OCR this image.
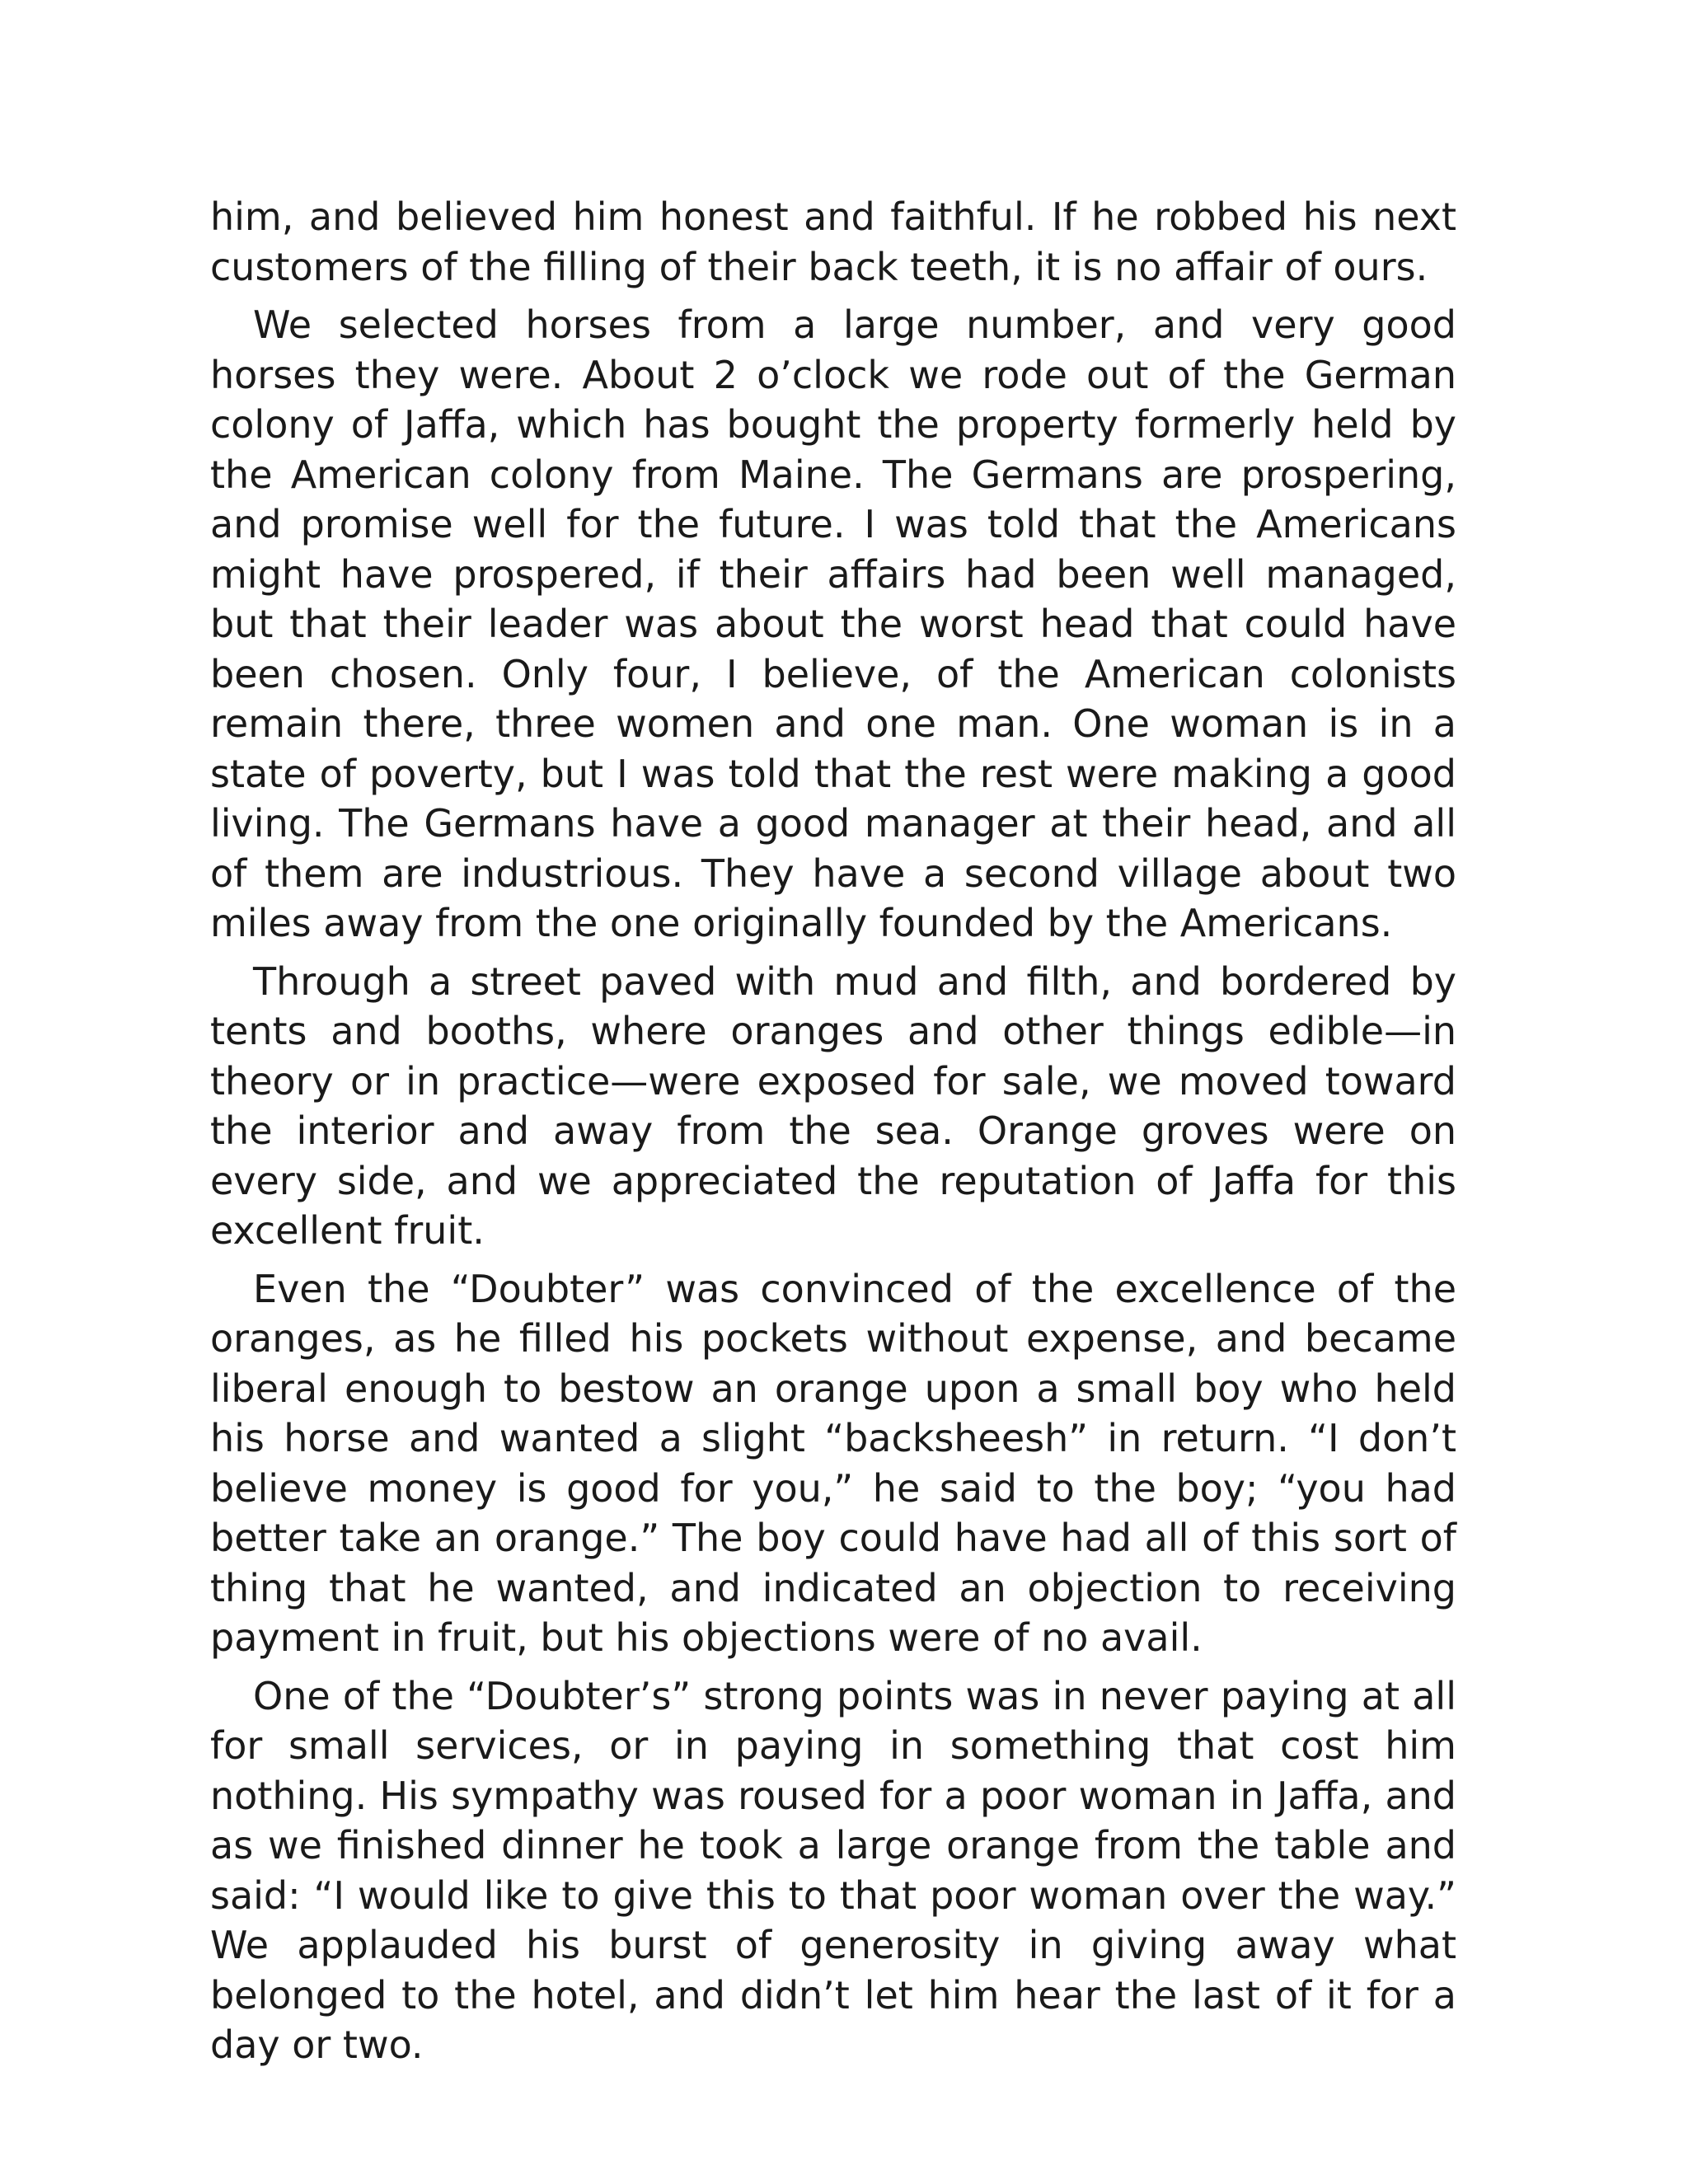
him, and believed him honest and faithful. If he robbed his next customers of the filling of their back teeth, it is no affair of ours.

We selected horses from a large number, and very good horses they were. About 2 o’clock we rode out of the German colony of Jaffa, which has bought the property formerly held by the American colony from Maine. The Germans are prospering, and promise well for the future. I was told that the Americans might have prospered, if their affairs had been well managed, but that their leader was about the worst head that could have been chosen. Only four, I believe, of the American colonists remain there, three women and one man. One woman is in a state of poverty, but I was told that the rest were making a good living. The Germans have a good manager at their head, and all of them are industrious. They have a second village about two miles away from the one originally founded by the Americans.

Through a street paved with mud and filth, and bordered by tents and booths, where oranges and other things edible—in theory or in practice—were exposed for sale, we moved toward the interior and away from the sea. Orange groves were on every side, and we appreciated the reputation of Jaffa for this excellent fruit.

Even the “Doubter” was convinced of the excellence of the oranges, as he filled his pockets without expense, and became liberal enough to bestow an orange upon a small boy who held his horse and wanted a slight “backsheesh” in return. “I don’t believe money is good for you,” he said to the boy; “you had better take an orange.” The boy could have had all of this sort of thing that he wanted, and indicated an objection to receiving payment in fruit, but his objections were of no avail.

One of the “Doubter’s” strong points was in never paying at all for small services, or in paying in something that cost him nothing. His sympathy was roused for a poor woman in Jaffa, and as we finished dinner he took a large orange from the table and said: “I would like to give this to that poor woman over the way.” We applauded his burst of generosity in giving away what belonged to the hotel, and didn’t let him hear the last of it for a day or two.
